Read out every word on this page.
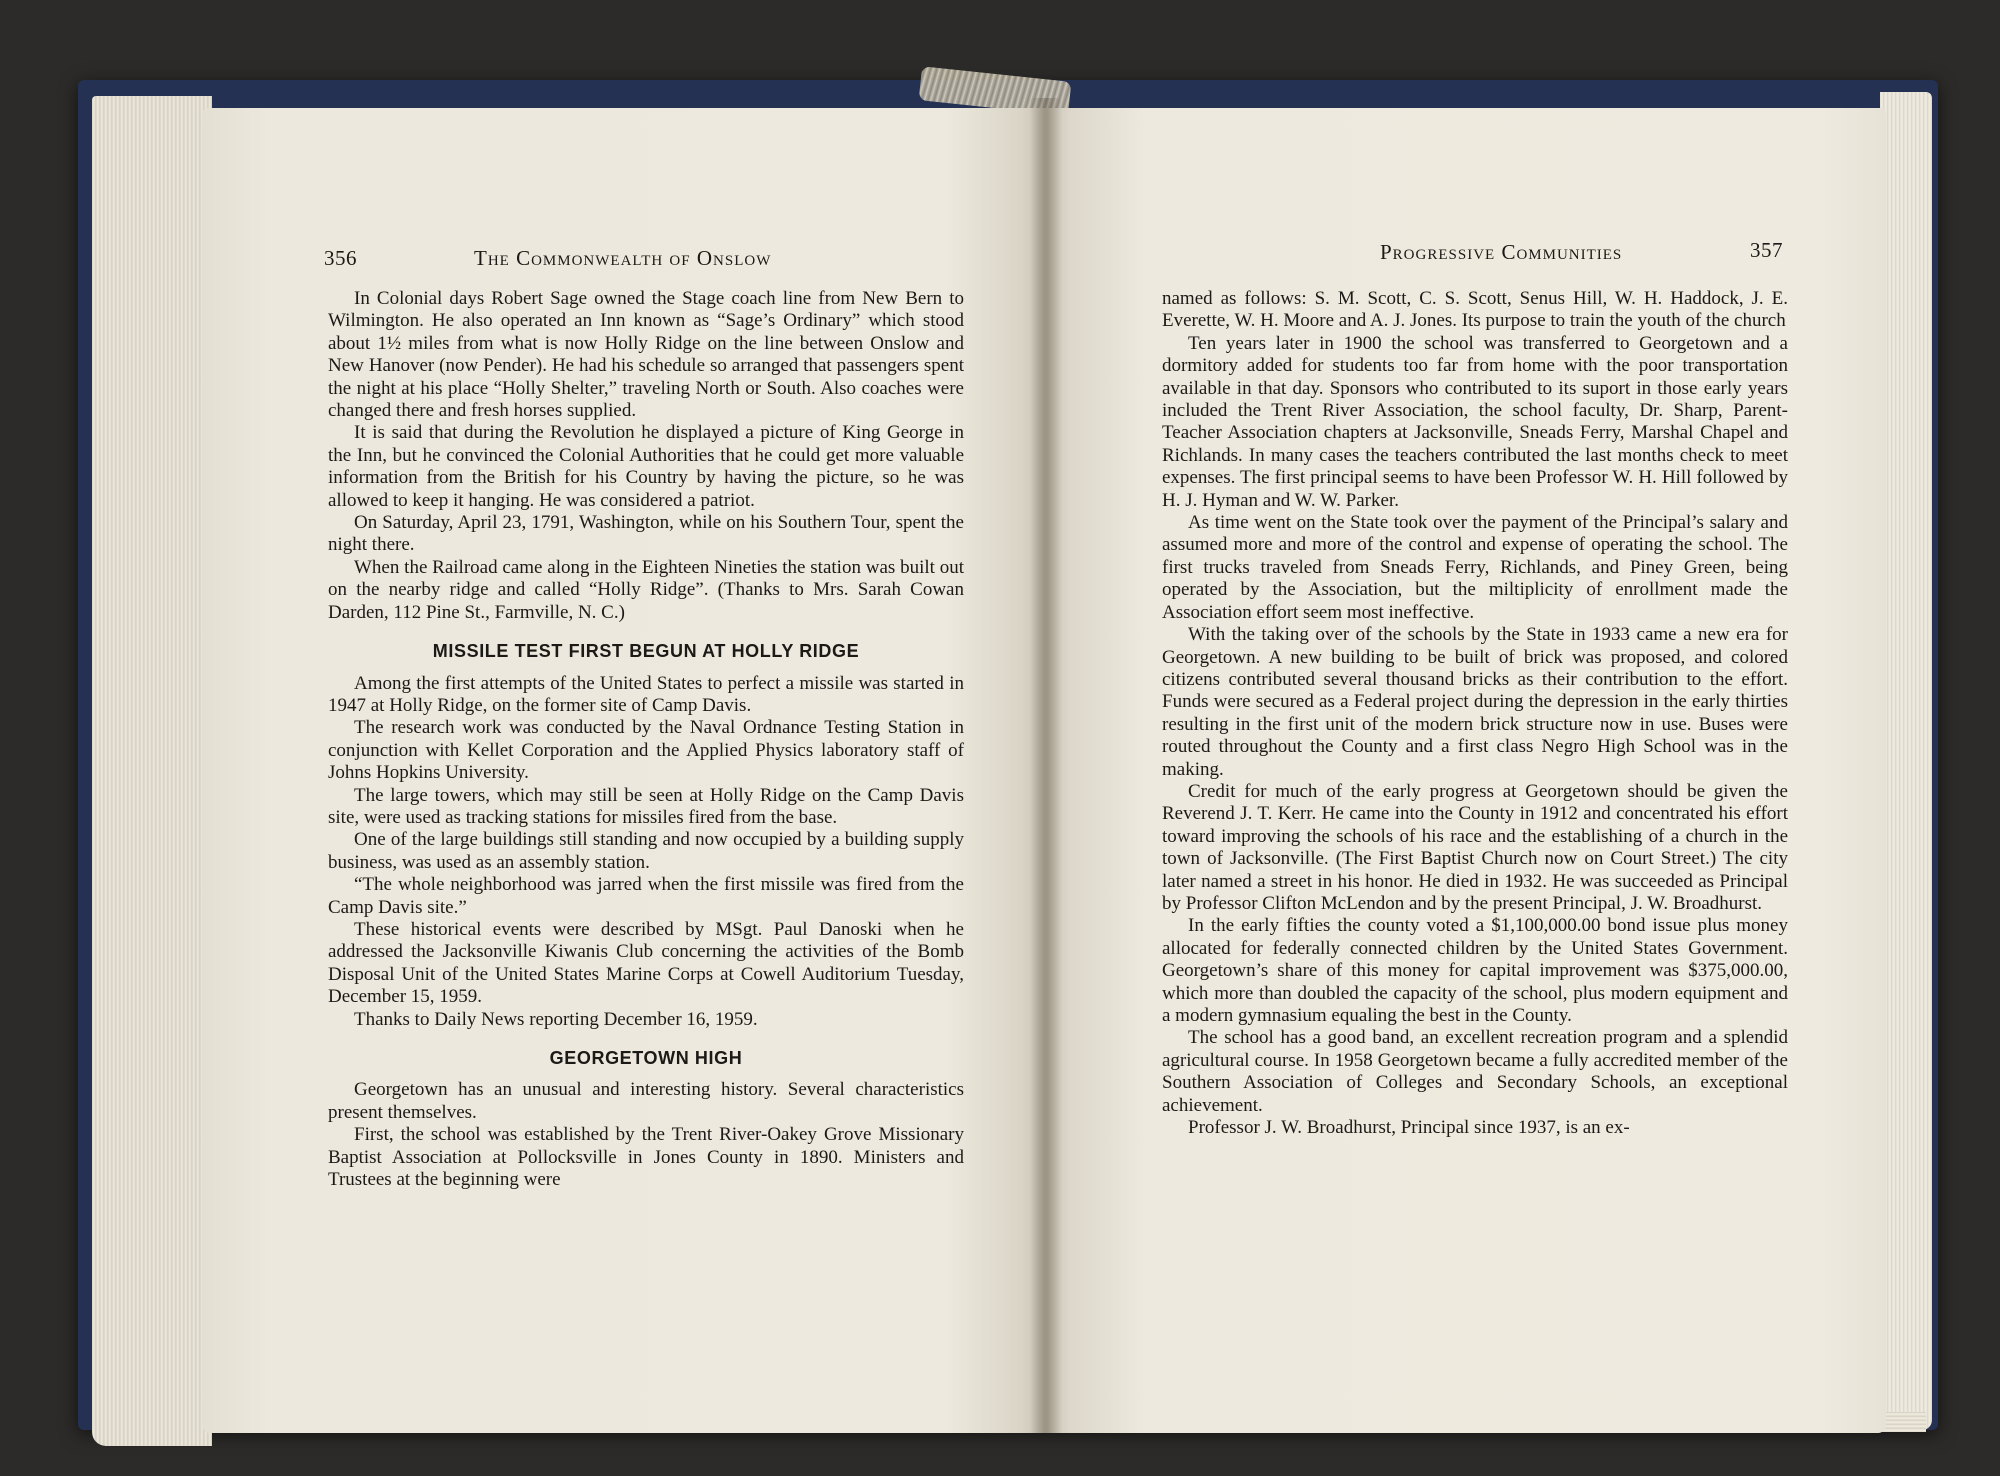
356	The Commonwealth of Onslow	Progressive Communities	357

In Colonial days Robert Sage owned the Stage coach line from New Bern to Wilmington. He also operated an Inn known as “Sage’s Ordinary” which stood about 1½ miles from what is now Holly Ridge on the line between Onslow and New Hanover (now Pender). He had his schedule so arranged that passengers spent the night at his place “Holly Shelter,” traveling North or South. Also coaches were changed there and fresh horses supplied.

It is said that during the Revolution he displayed a picture of King George in the Inn, but he convinced the Colonial Authorities that he could get more valuable information from the British for his Country by having the picture, so he was allowed to keep it hanging. He was considered a patriot.

On Saturday, April 23, 1791, Washington, while on his Southern Tour, spent the night there.

When the Railroad came along in the Eighteen Nineties the station was built out on the nearby ridge and called “Holly Ridge”. (Thanks to Mrs. Sarah Cowan Darden, 112 Pine St., Farmville, N. C.)

MISSILE TEST FIRST BEGUN AT HOLLY RIDGE

Among the first attempts of the United States to perfect a missile was started in 1947 at Holly Ridge, on the former site of Camp Davis.

The research work was conducted by the Naval Ordnance Testing Station in conjunction with Kellet Corporation and the Applied Physics laboratory staff of Johns Hopkins University.

The large towers, which may still be seen at Holly Ridge on the Camp Davis site, were used as tracking stations for missiles fired from the base.

One of the large buildings still standing and now occupied by a building supply business, was used as an assembly station.

“The whole neighborhood was jarred when the first missile was fired from the Camp Davis site.”

These historical events were described by MSgt. Paul Danoski when he addressed the Jacksonville Kiwanis Club concerning the activities of the Bomb Disposal Unit of the United States Marine Corps at Cowell Auditorium Tuesday, December 15, 1959.

Thanks to Daily News reporting December 16, 1959.

GEORGETOWN HIGH

Georgetown has an unusual and interesting history. Several characteristics present themselves.

First, the school was established by the Trent River-Oakey Grove Missionary Baptist Association at Pollocksville in Jones County in 1890. Ministers and Trustees at the beginning were

named as follows: S. M. Scott, C. S. Scott, Senus Hill, W. H. Haddock, J. E. Everette, W. H. Moore and A. J. Jones. Its purpose to train the youth of the church

Ten years later in 1900 the school was transferred to Georgetown and a dormitory added for students too far from home with the poor transportation available in that day. Sponsors who contributed to its suport in those early years included the Trent River Association, the school faculty, Dr. Sharp, Parent-Teacher Association chapters at Jacksonville, Sneads Ferry, Marshal Chapel and Richlands. In many cases the teachers contributed the last months check to meet expenses. The first principal seems to have been Professor W. H. Hill followed by H. J. Hyman and W. W. Parker.

As time went on the State took over the payment of the Principal’s salary and assumed more and more of the control and expense of operating the school. The first trucks traveled from Sneads Ferry, Richlands, and Piney Green, being operated by the Association, but the miltiplicity of enrollment made the Association effort seem most ineffective.

With the taking over of the schools by the State in 1933 came a new era for Georgetown. A new building to be built of brick was proposed, and colored citizens contributed several thousand bricks as their contribution to the effort. Funds were secured as a Federal project during the depression in the early thirties resulting in the first unit of the modern brick structure now in use. Buses were routed throughout the County and a first class Negro High School was in the making.

Credit for much of the early progress at Georgetown should be given the Reverend J. T. Kerr. He came into the County in 1912 and concentrated his effort toward improving the schools of his race and the establishing of a church in the town of Jacksonville. (The First Baptist Church now on Court Street.) The city later named a street in his honor. He died in 1932. He was succeeded as Principal by Professor Clifton McLendon and by the present Principal, J. W. Broadhurst.

In the early fifties the county voted a $1,100,000.00 bond issue plus money allocated for federally connected children by the United States Government. Georgetown’s share of this money for capital improvement was $375,000.00, which more than doubled the capacity of the school, plus modern equipment and a modern gymnasium equaling the best in the County.

The school has a good band, an excellent recreation program and a splendid agricultural course. In 1958 Georgetown became a fully accredited member of the Southern Association of Colleges and Secondary Schools, an exceptional achievement.

Professor J. W. Broadhurst, Principal since 1937, is an ex-
